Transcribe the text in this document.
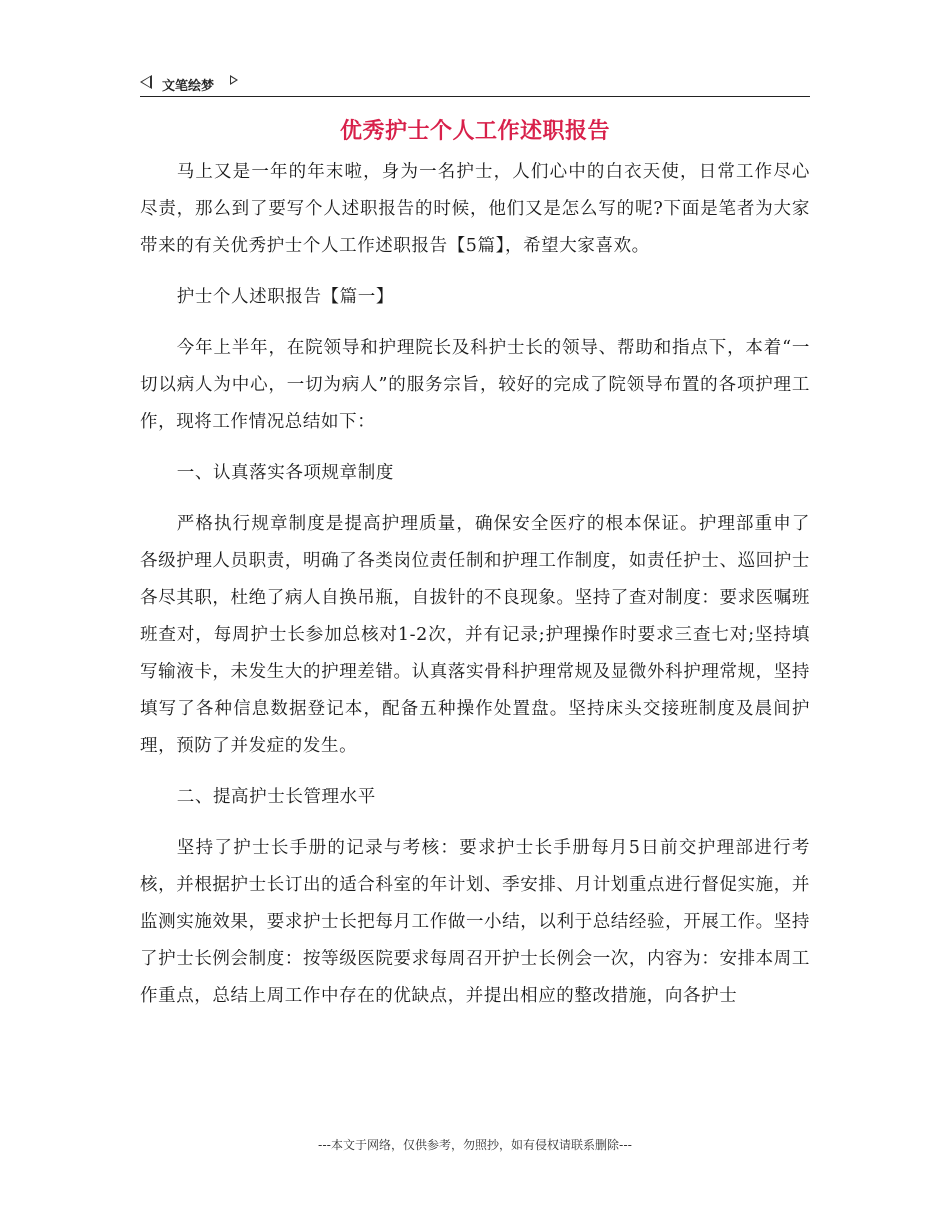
文笔绘梦
优秀护士个人工作述职报告

马上又是一年的年末啦，身为一名护士，人们心中的白衣天使，日常工作尽心尽责，那么到了要写个人述职报告的时候，他们又是怎么写的呢?下面是笔者为大家带来的有关优秀护士个人工作述职报告【5篇】，希望大家喜欢。

护士个人述职报告【篇一】

今年上半年，在院领导和护理院长及科护士长的领导、帮助和指点下，本着“一切以病人为中心，一切为病人”的服务宗旨，较好的完成了院领导布置的各项护理工作，现将工作情况总结如下：

一、认真落实各项规章制度

严格执行规章制度是提高护理质量，确保安全医疗的根本保证。护理部重申了各级护理人员职责，明确了各类岗位责任制和护理工作制度，如责任护士、巡回护士各尽其职，杜绝了病人自换吊瓶，自拔针的不良现象。坚持了查对制度：要求医嘱班班查对，每周护士长参加总核对1-2次，并有记录;护理操作时要求三查七对;坚持填写输液卡，未发生大的护理差错。认真落实骨科护理常规及显微外科护理常规，坚持填写了各种信息数据登记本，配备五种操作处置盘。坚持床头交接班制度及晨间护理，预防了并发症的发生。

二、提高护士长管理水平

坚持了护士长手册的记录与考核：要求护士长手册每月5日前交护理部进行考核，并根据护士长订出的适合科室的年计划、季安排、月计划重点进行督促实施，并监测实施效果，要求护士长把每月工作做一小结，以利于总结经验，开展工作。坚持了护士长例会制度：按等级医院要求每周召开护士长例会一次，内容为：安排本周工作重点，总结上周工作中存在的优缺点，并提出相应的整改措施，向各护士

---本文于网络，仅供参考，勿照抄，如有侵权请联系删除---
